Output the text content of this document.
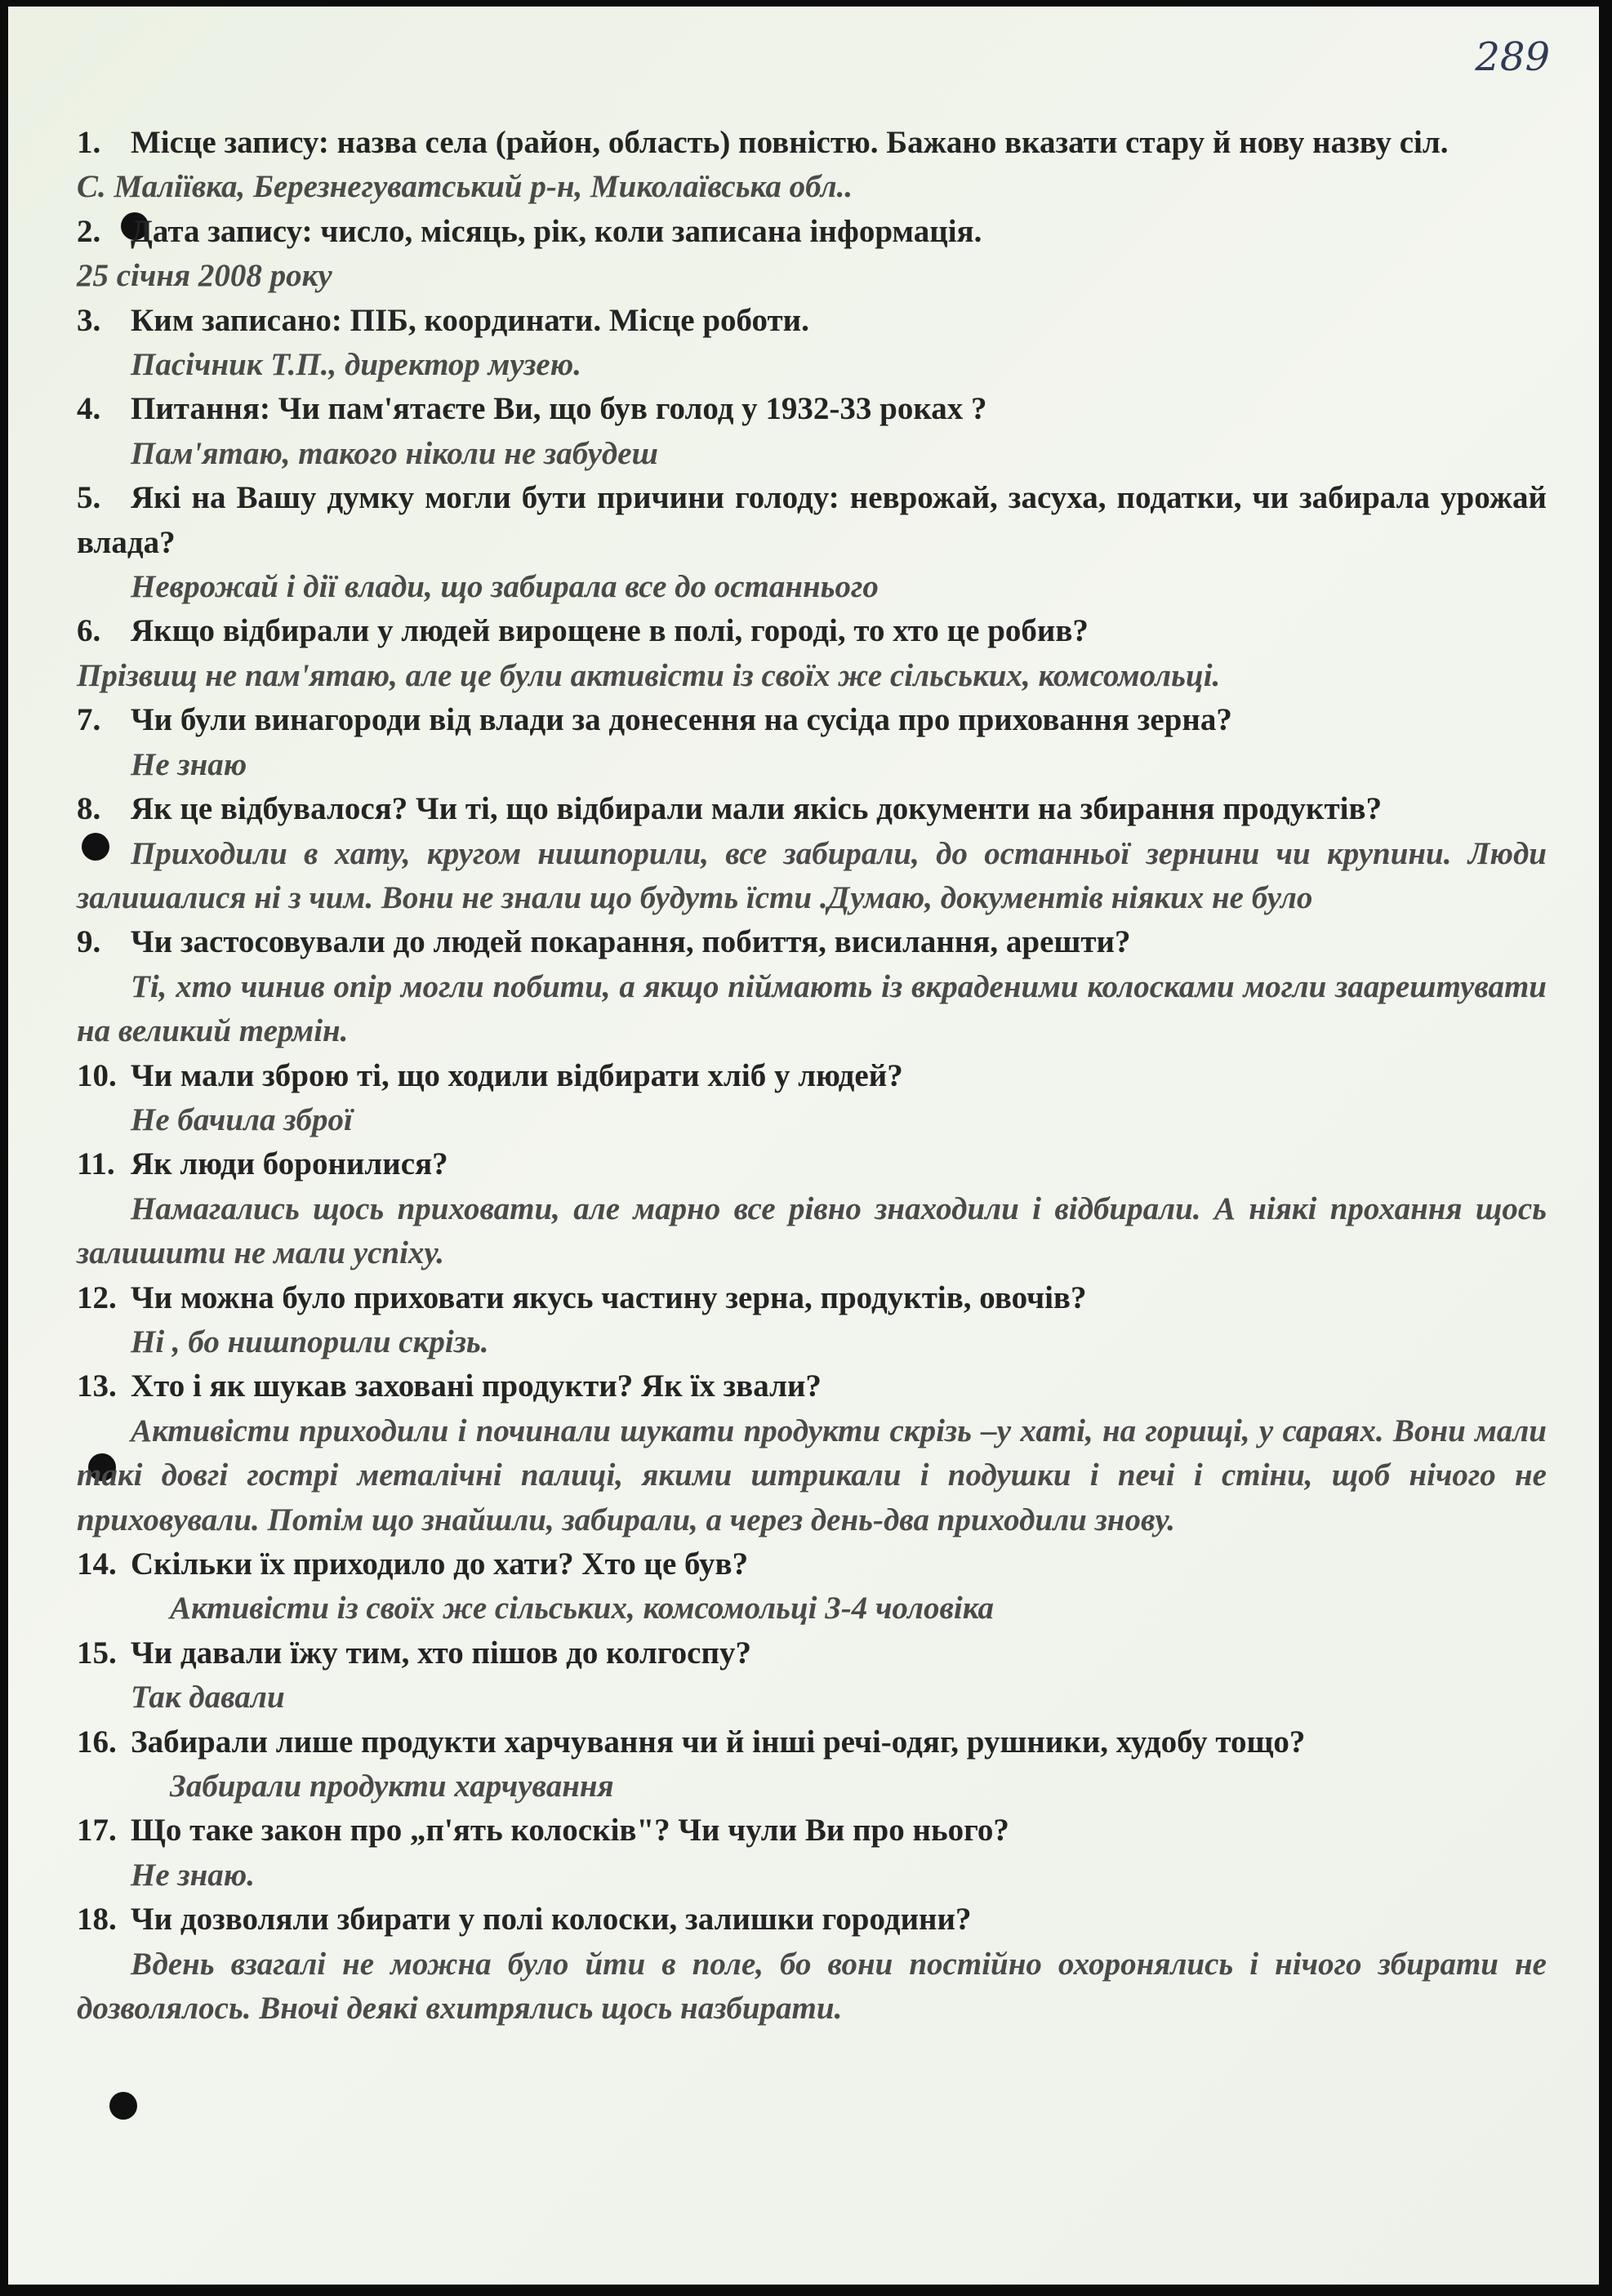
289

1. Місце запису: назва села (район, область) повністю. Бажано вказати стару й нову назву сіл.

С. Маліївка, Березнегуватський р-н, Миколаївська обл..

2. Дата запису: число, місяць, рік, коли записана інформація.

25 січня 2008 року

3. Ким записано: ПІБ, координати. Місце роботи.

Пасічник Т.П., директор музею.

4. Питання: Чи пам'ятаєте Ви, що був голод у 1932-33 роках ?

Пам'ятаю, такого ніколи не забудеш

5. Які на Вашу думку могли бути причини голоду: неврожай, засуха, податки, чи забирала урожай влада?

Неврожай і дії влади, що забирала все до останнього

6. Якщо відбирали у людей вирощене в полі, городі, то хто це робив?

Прізвищ не пам'ятаю, але це були активісти із своїх же сільських, комсомольці.

7. Чи були винагороди від влади за донесення на сусіда про приховання зерна?

Не знаю

8. Як це відбувалося? Чи ті, що відбирали мали якісь документи на збирання продуктів?

Приходили в хату, кругом нишпорили, все забирали, до останньої зернини чи крупини. Люди залишалися ні з чим. Вони не знали що будуть їсти .Думаю, документів ніяких не було

9. Чи застосовували до людей покарання, побиття, висилання, арешти?

Ті, хто чинив опір могли побити, а якщо піймають із вкраденими колосками могли заарештувати на великий термін.

10. Чи мали зброю ті, що ходили відбирати хліб у людей?

Не бачила зброї

11. Як люди боронилися?

Намагались щось приховати, але марно все рівно знаходили і відбирали. А ніякі прохання щось залишити не мали успіху.

12. Чи можна було приховати якусь частину зерна, продуктів, овочів?

Ні , бо нишпорили скрізь.

13. Хто і як шукав заховані продукти? Як їх звали?

Активісти приходили і починали шукати продукти скрізь –у хаті, на горищі, у сараях. Вони мали такі довгі гострі металічні палиці, якими штрикали і подушки і печі і стіни, щоб нічого не приховували. Потім що знайшли, забирали, а через день-два приходили знову.

14. Скільки їх приходило до хати? Хто це був?

Активісти із своїх же сільських, комсомольці 3-4 чоловіка

15. Чи давали їжу тим, хто пішов до колгоспу?

Так давали

16. Забирали лише продукти харчування чи й інші речі-одяг, рушники, худобу тощо?

Забирали продукти харчування

17. Що таке закон про „п'ять колосків"? Чи чули Ви про нього?

Не знаю.

18. Чи дозволяли збирати у полі колоски, залишки городини?

Вдень взагалі не можна було йти в поле, бо вони постійно охоронялись і нічого збирати не дозволялось. Вночі деякі вхитрялись щось назбирати.
